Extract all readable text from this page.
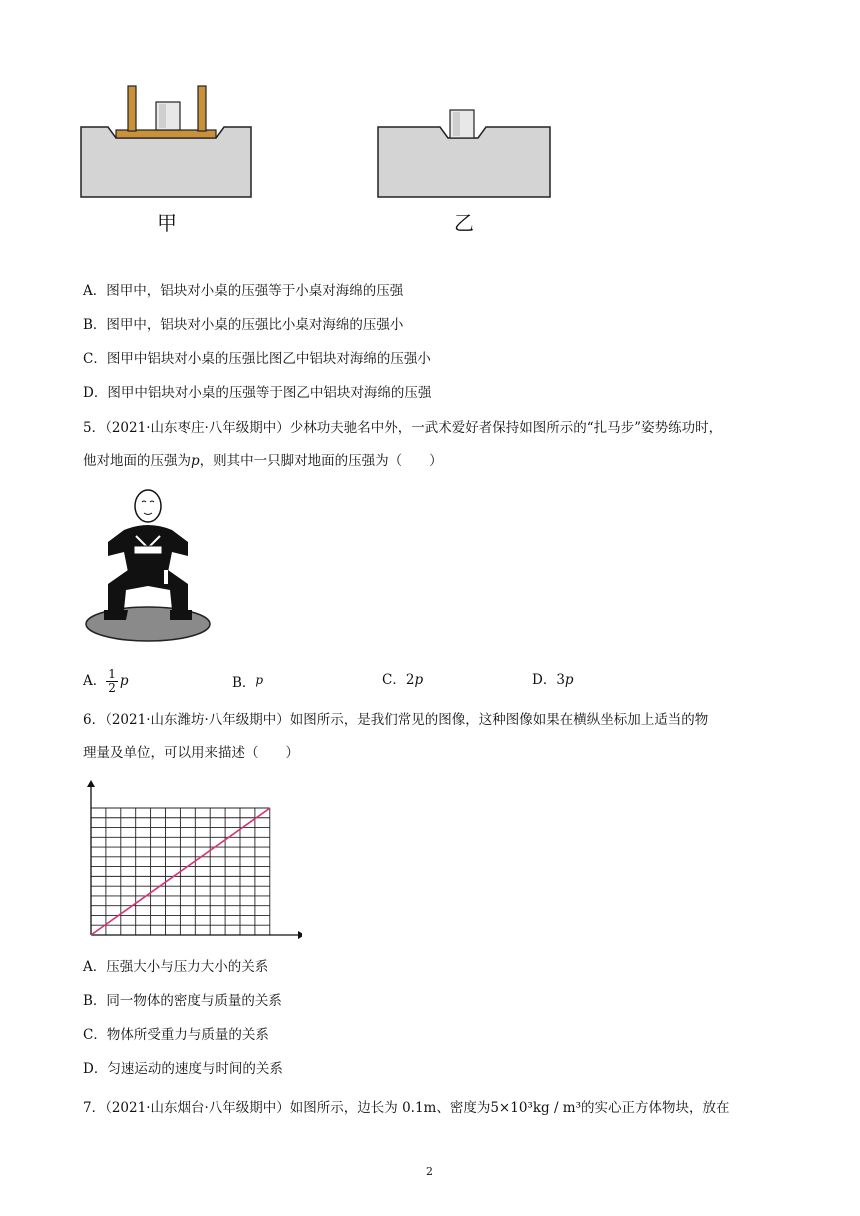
甲	乙
A．图甲中，铝块对小桌的压强等于小桌对海绵的压强
B．图甲中，铝块对小桌的压强比小桌对海绵的压强小
C．图甲中铝块对小桌的压强比图乙中铝块对海绵的压强小
D．图甲中铝块对小桌的压强等于图乙中铝块对海绵的压强
5．（2021·山东枣庄·八年级期中）少林功夫驰名中外，一武术爱好者保持如图所示的“扎马步”姿势练功时，
他对地面的压强为p，则其中一只脚对地面的压强为（　　）
A． $\frac{1}{2}$ p	B．p	C．2p	D．3p
6．（2021·山东潍坊·八年级期中）如图所示，是我们常见的图像，这种图像如果在横纵坐标加上适当的物
理量及单位，可以用来描述（　　）
A．压强大小与压力大小的关系
B．同一物体的密度与质量的关系
C．物体所受重力与质量的关系
D．匀速运动的速度与时间的关系
7．（2021·山东烟台·八年级期中）如图所示，边长为 0.1m、密度为5×10³kg / m³的实心正方体物块，放在
2
